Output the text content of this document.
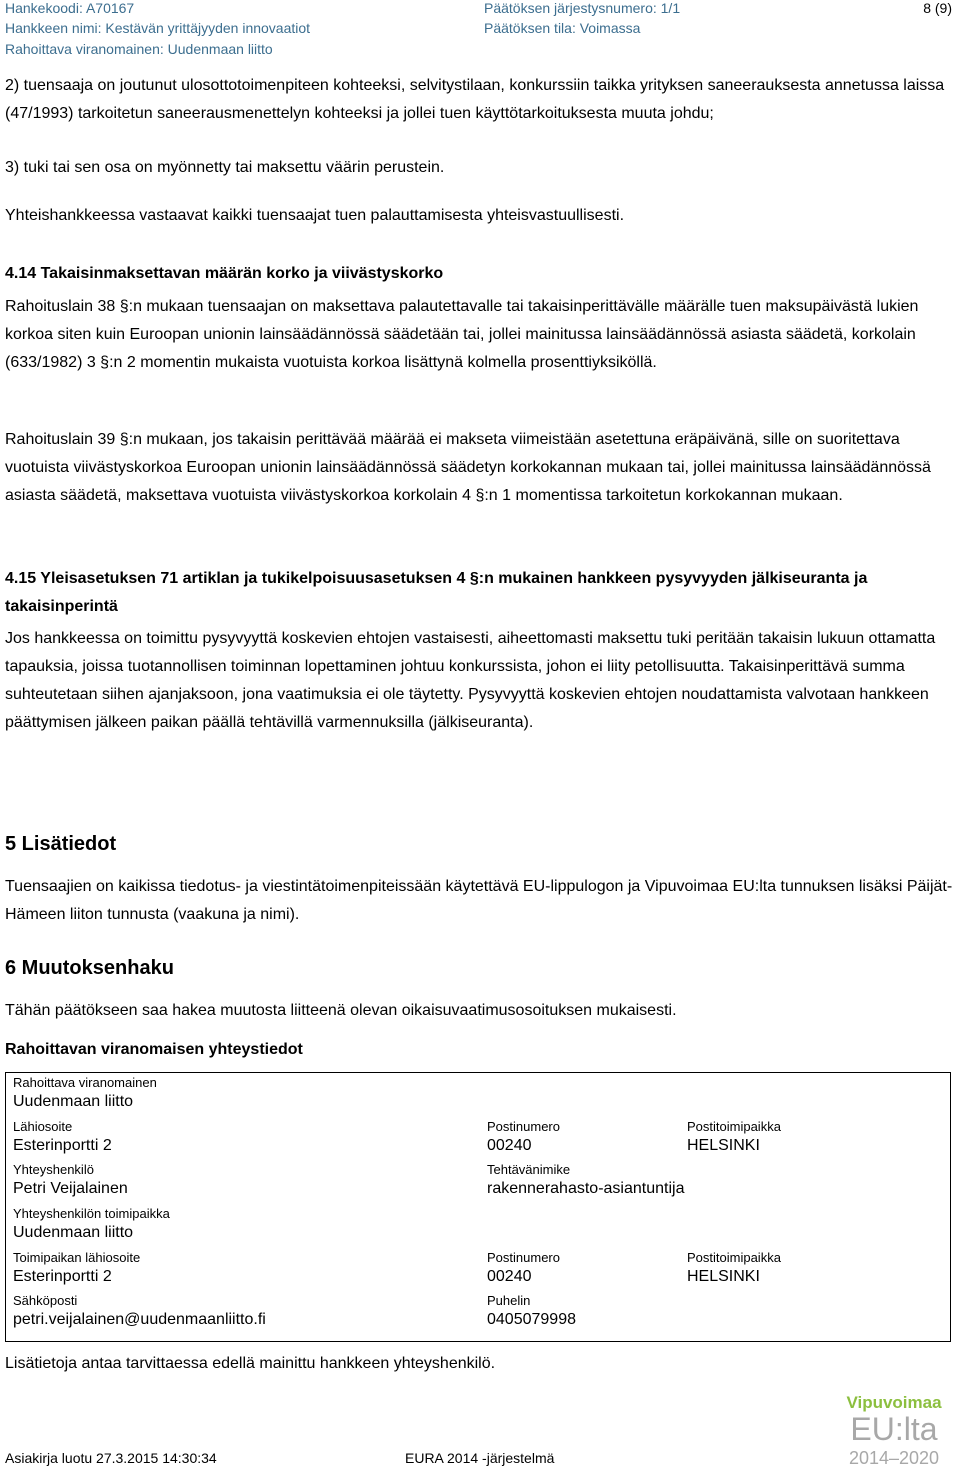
Hankekoodi: A70167
Hankkeen nimi: Kestävän yrittäjyyden innovaatiot
Rahoittava viranomainen: Uudenmaan liitto
Päätöksen järjestysnumero: 1/1
Päätöksen tila: Voimassa
8 (9)

2) tuensaaja on joutunut ulosottotoimenpiteen kohteeksi, selvitystilaan, konkurssiin taikka yrityksen saneerauksesta annetussa laissa (47/1993) tarkoitetun saneerausmenettelyn kohteeksi ja jollei tuen käyttötarkoituksesta muuta johdu;

3) tuki tai sen osa on myönnetty tai maksettu väärin perustein.

Yhteishankkeessa vastaavat kaikki tuensaajat tuen palauttamisesta yhteisvastuullisesti.

4.14 Takaisinmaksettavan määrän korko ja viivästyskorko

Rahoituslain 38 §:n mukaan tuensaajan on maksettava palautettavalle tai takaisinperittävälle määrälle tuen maksupäivästä lukien korkoa siten kuin Euroopan unionin lainsäädännössä säädetään tai, jollei mainitussa lainsäädännössä asiasta säädetä, korkolain (633/1982) 3 §:n 2 momentin mukaista vuotuista korkoa lisättynä kolmella prosenttiyksiköllä.

Rahoituslain 39 §:n mukaan, jos takaisin perittävää määrää ei makseta viimeistään asetettuna eräpäivänä, sille on suoritettava vuotuista viivästyskorkoa Euroopan unionin lainsäädännössä säädetyn korkokannan mukaan tai, jollei mainitussa lainsäädännössä asiasta säädetä, maksettava vuotuista viivästyskorkoa korkolain 4 §:n 1 momentissa tarkoitetun korkokannan mukaan.

4.15 Yleisasetuksen 71 artiklan ja tukikelpoisuusasetuksen 4 §:n mukainen hankkeen pysyvyyden jälkiseuranta ja takaisinperintä

Jos hankkeessa on toimittu pysyvyyttä koskevien ehtojen vastaisesti, aiheettomasti maksettu tuki peritään takaisin lukuun ottamatta tapauksia, joissa tuotannollisen toiminnan lopettaminen johtuu konkurssista, johon ei liity petollisuutta. Takaisinperittävä summa suhteutetaan siihen ajanjaksoon, jona vaatimuksia ei ole täytetty. Pysyvyyttä koskevien ehtojen noudattamista valvotaan hankkeen päättymisen jälkeen paikan päällä tehtävillä varmennuksilla (jälkiseuranta).

5 Lisätiedot

Tuensaajien on kaikissa tiedotus- ja viestintätoimenpiteissään käytettävä EU-lippulogon ja Vipuvoimaa EU:lta tunnuksen lisäksi Päijät-Hämeen liiton tunnusta (vaakuna ja nimi).

6 Muutoksenhaku

Tähän päätökseen saa hakea muutosta liitteenä olevan oikaisuvaatimusosoituksen mukaisesti.

Rahoittavan viranomaisen yhteystiedot
Rahoittava viranomainen
Uudenmaan liitto
Lähiosoite
Esterinportti 2
Postinumero
00240
Postitoimipaikka
HELSINKI
Yhteyshenkilö
Petri Veijalainen
Tehtävänimike
rakennerahasto-asiantuntija
Yhteyshenkilön toimipaikka
Uudenmaan liitto
Toimipaikan lähiosoite
Esterinportti 2
Postinumero
00240
Postitoimipaikka
HELSINKI
Sähköposti
petri.veijalainen@uudenmaanliitto.fi
Puhelin
0405079998

Lisätietoja antaa tarvittaessa edellä mainittu hankkeen yhteyshenkilö.

Vipuvoimaa
EU:lta
2014–2020
Asiakirja luotu 27.3.2015 14:30:34	EURA 2014 -järjestelmä
